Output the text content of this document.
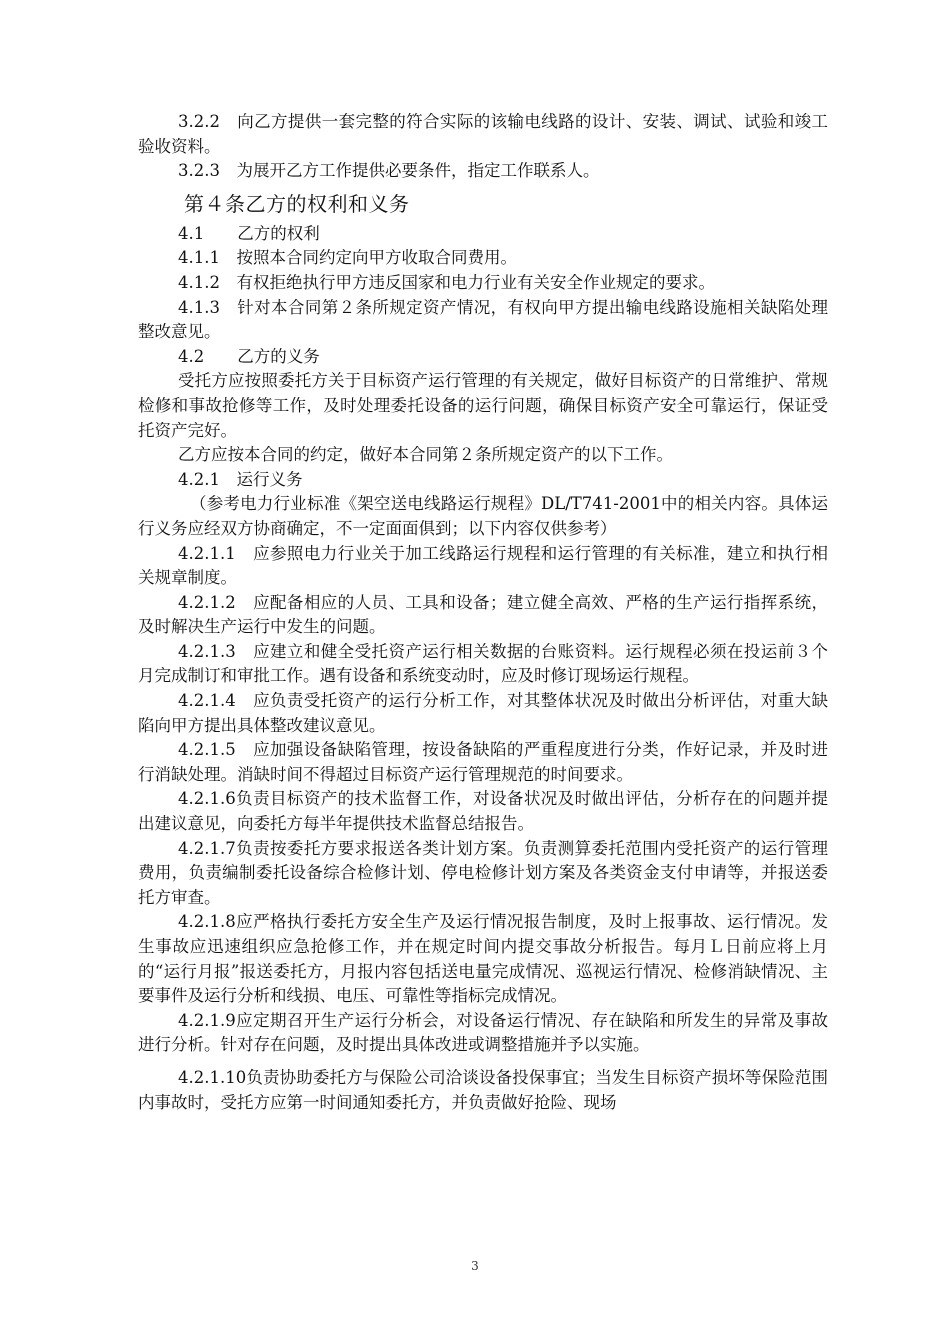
3.2.2　向乙方提供一套完整的符合实际的该输电线路的设计、安装、调试、试验和竣工验收资料。

3.2.3　为展开乙方工作提供必要条件，指定工作联系人。

第４条乙方的权利和义务

4.1　　乙方的权利

4.1.1　按照本合同约定向甲方收取合同费用。

4.1.2　有权拒绝执行甲方违反国家和电力行业有关安全作业规定的要求。

4.1.3　针对本合同第２条所规定资产情况，有权向甲方提出输电线路设施相关缺陷处理整改意见。

4.2　　乙方的义务

受托方应按照委托方关于目标资产运行管理的有关规定，做好目标资产的日常维护、常规检修和事故抢修等工作，及时处理委托设备的运行问题，确保目标资产安全可靠运行，保证受托资产完好。

乙方应按本合同的约定，做好本合同第２条所规定资产的以下工作。

4.2.1　运行义务

（参考电力行业标准《架空送电线路运行规程》DL/T741-2001中的相关内容。具体运行义务应经双方协商确定，不一定面面俱到；以下内容仅供参考）

4.2.1.1　应参照电力行业关于加工线路运行规程和运行管理的有关标准，建立和执行相关规章制度。

4.2.1.2　应配备相应的人员、工具和设备；建立健全高效、严格的生产运行指挥系统，及时解决生产运行中发生的问题。

4.2.1.3　应建立和健全受托资产运行相关数据的台账资料。运行规程必须在投运前３个月完成制订和审批工作。遇有设备和系统变动时，应及时修订现场运行规程。

4.2.1.4　应负责受托资产的运行分析工作，对其整体状况及时做出分析评估，对重大缺陷向甲方提出具体整改建议意见。

4.2.1.5　应加强设备缺陷管理，按设备缺陷的严重程度进行分类，作好记录，并及时进行消缺处理。消缺时间不得超过目标资产运行管理规范的时间要求。

4.2.1.6负责目标资产的技术监督工作，对设备状况及时做出评估，分析存在的问题并提出建议意见，向委托方每半年提供技术监督总结报告。

4.2.1.7负责按委托方要求报送各类计划方案。负责测算委托范围内受托资产的运行管理费用，负责编制委托设备综合检修计划、停电检修计划方案及各类资金支付申请等，并报送委托方审查。

4.2.1.8应严格执行委托方安全生产及运行情况报告制度，及时上报事故、运行情况。发生事故应迅速组织应急抢修工作，并在规定时间内提交事故分析报告。每月Ｌ日前应将上月的“运行月报”报送委托方，月报内容包括送电量完成情况、巡视运行情况、检修消缺情况、主要事件及运行分析和线损、电压、可靠性等指标完成情况。

4.2.1.9应定期召开生产运行分析会，对设备运行情况、存在缺陷和所发生的异常及事故进行分析。针对存在问题，及时提出具体改进或调整措施并予以实施。

4.2.1.10负责协助委托方与保险公司洽谈设备投保事宜；当发生目标资产损坏等保险范围内事故时，受托方应第一时间通知委托方，并负责做好抢险、现场

3
